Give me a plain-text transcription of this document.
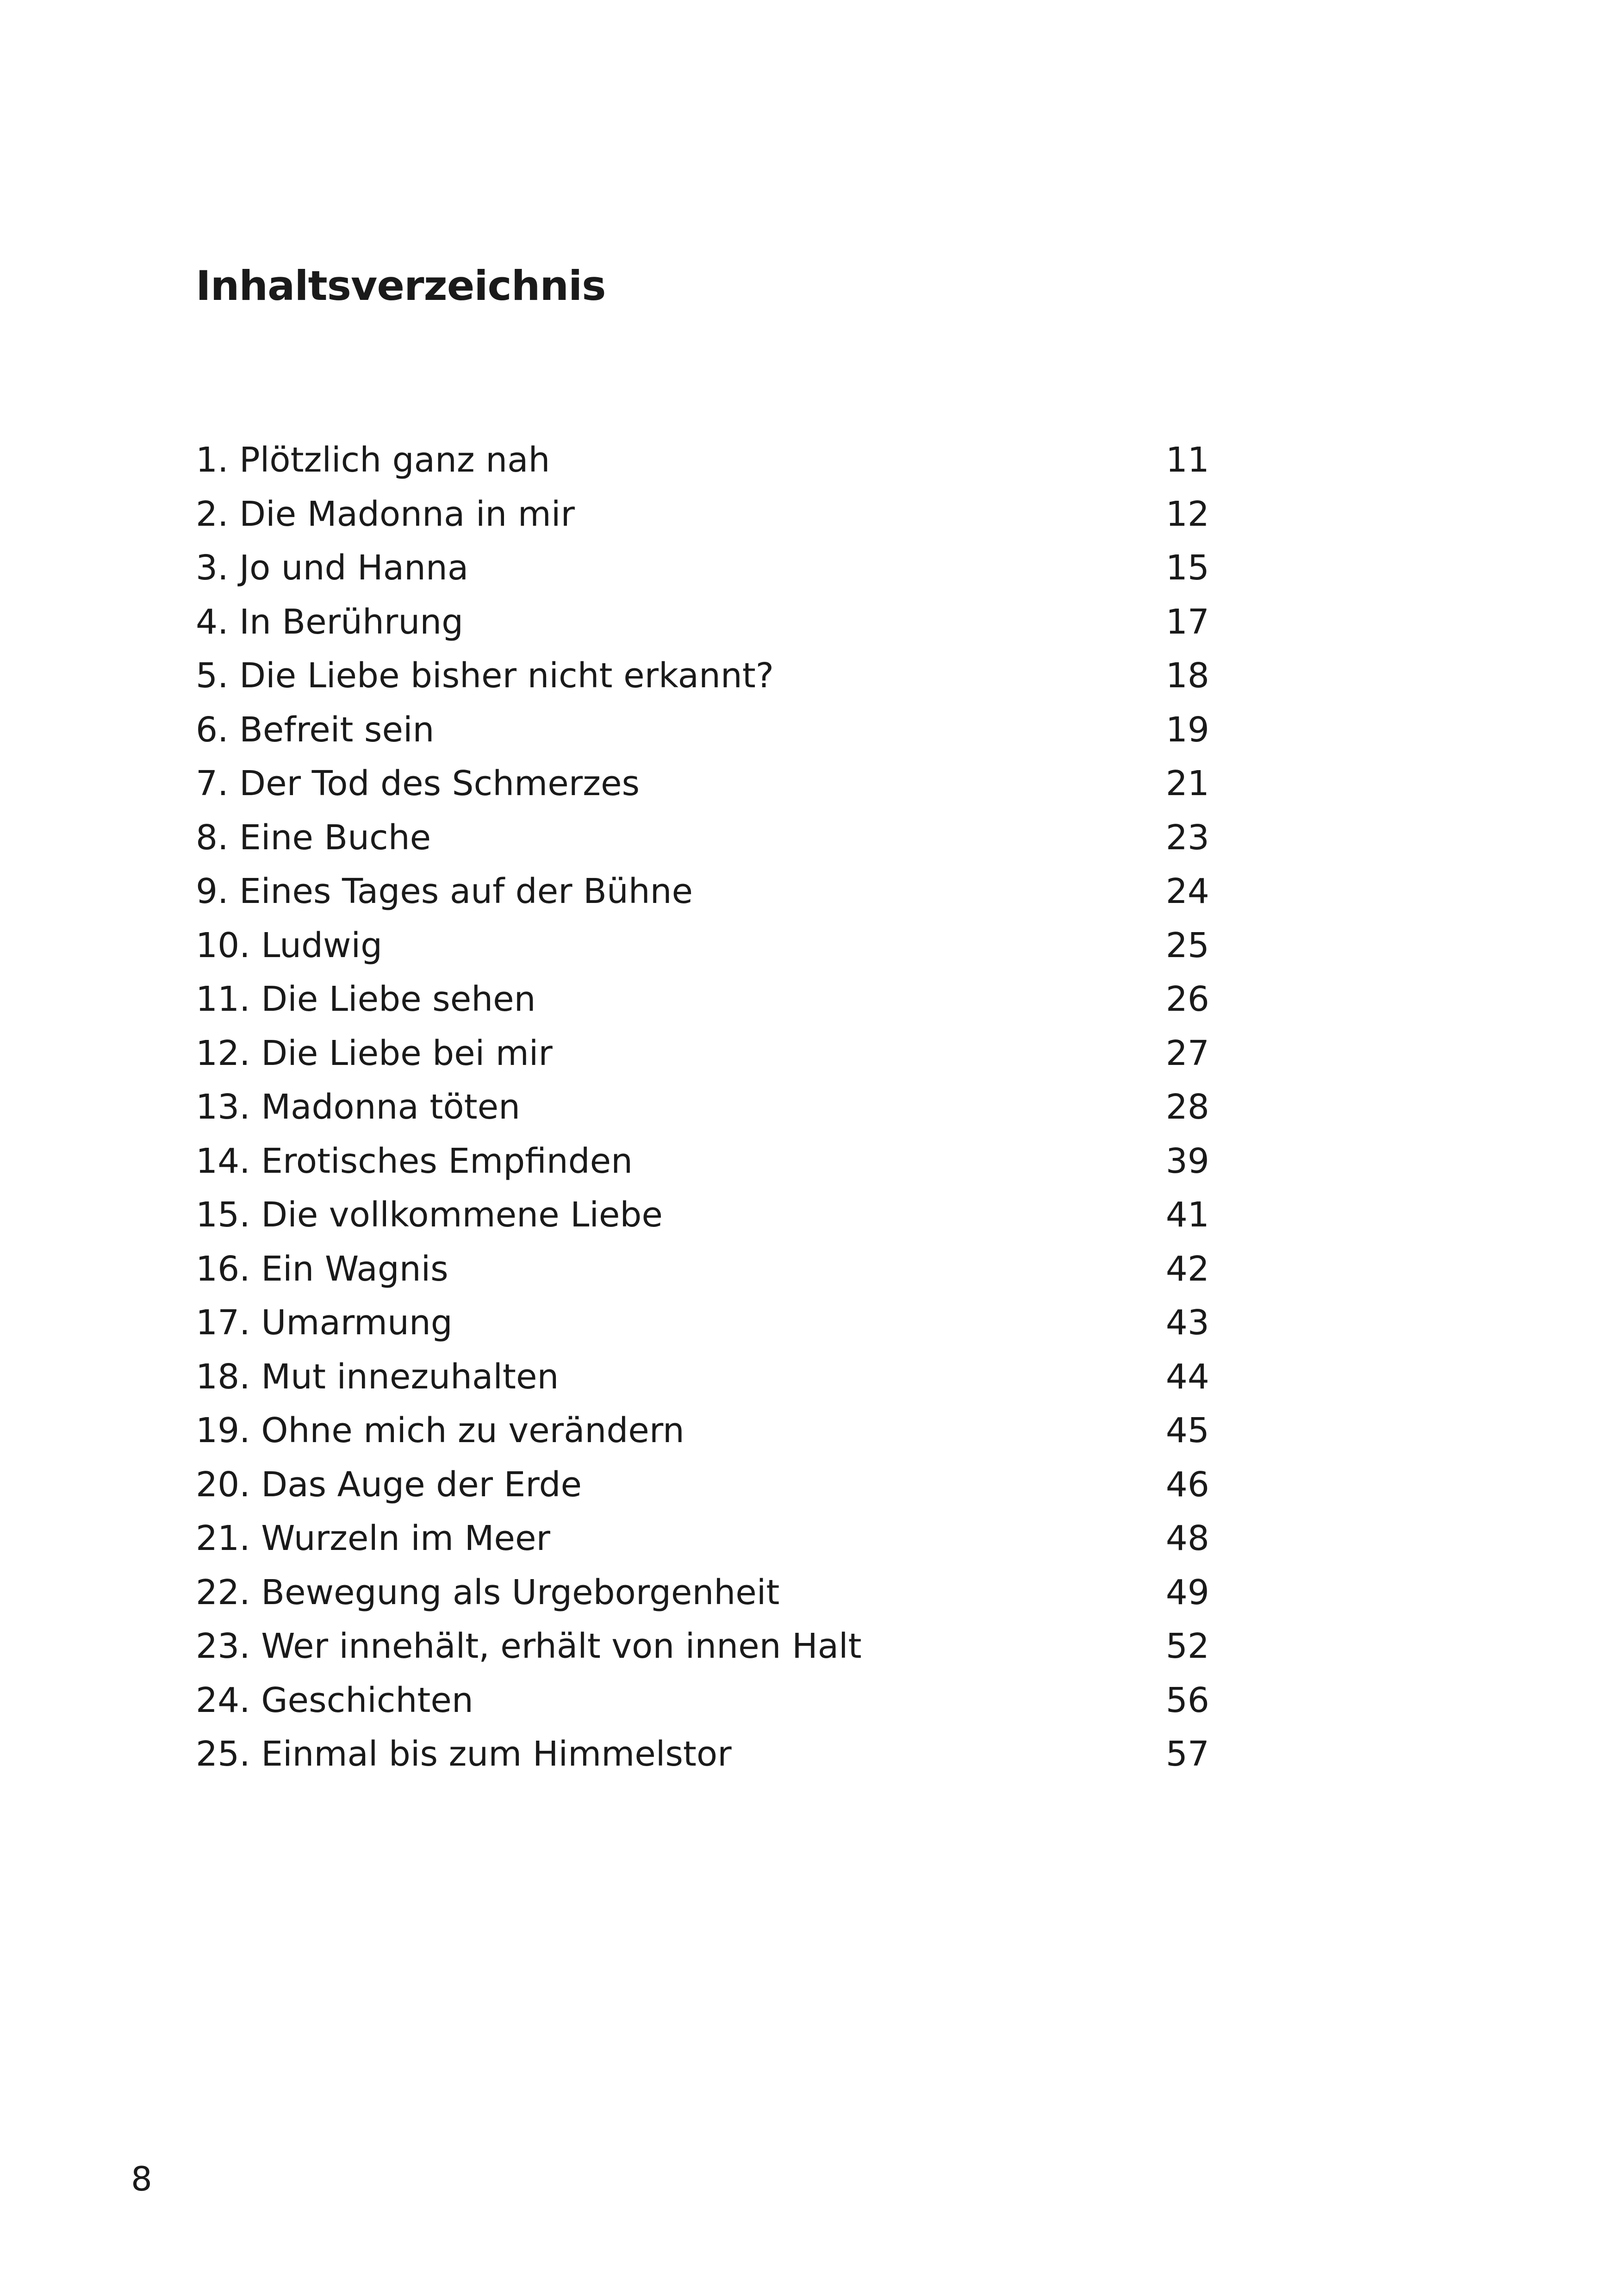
Inhaltsverzeichnis
1. Plötzlich ganz nah	11
2. Die Madonna in mir	12
3. Jo und Hanna	15
4. In Berührung	17
5. Die Liebe bisher nicht erkannt?	18
6. Befreit sein	19
7. Der Tod des Schmerzes	21
8. Eine Buche	23
9. Eines Tages auf der Bühne	24
10. Ludwig	25
11. Die Liebe sehen	26
12. Die Liebe bei mir	27
13. Madonna töten	28
14. Erotisches Empfinden	39
15. Die vollkommene Liebe	41
16. Ein Wagnis	42
17. Umarmung	43
18. Mut innezuhalten	44
19. Ohne mich zu verändern	45
20. Das Auge der Erde	46
21. Wurzeln im Meer	48
22. Bewegung als Urgeborgenheit	49
23. Wer innehält, erhält von innen Halt	52
24. Geschichten	56
25. Einmal bis zum Himmelstor	57
8
